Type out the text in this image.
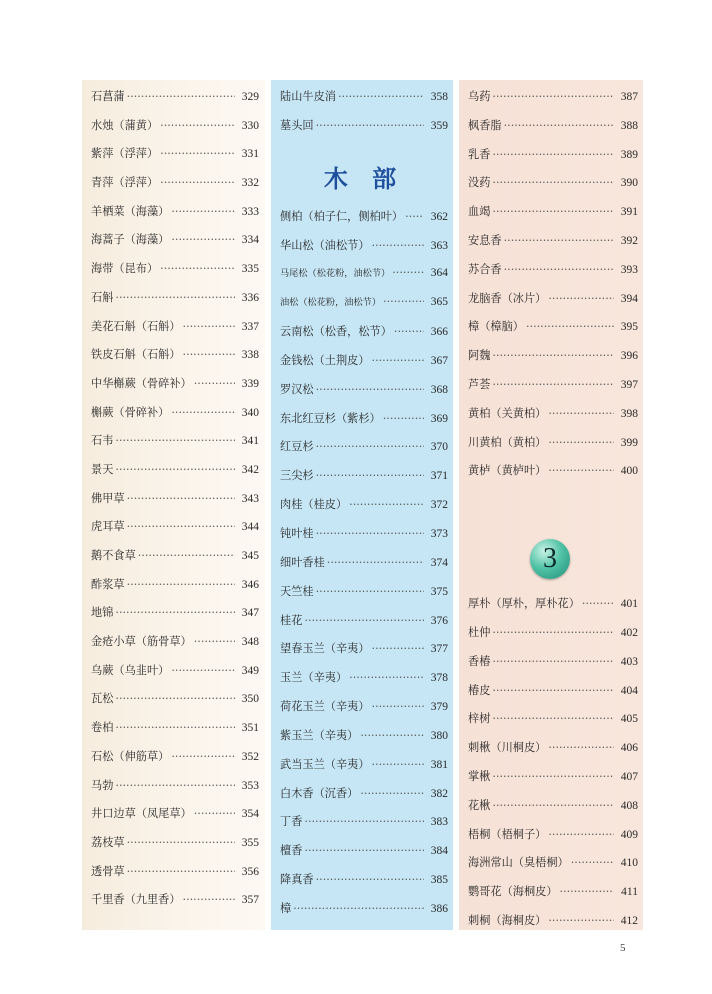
石菖蒲 ·····	329
水烛（蒲黄） ·····	330
紫萍（浮萍） ·····	331
青萍（浮萍） ·····	332
羊栖菜（海藻） ·····	333
海蒿子（海藻） ·····	334
海带（昆布） ·····	335
石斛 ·····	336
美花石斛（石斛） ·····	337
铁皮石斛（石斛） ·····	338
中华槲蕨（骨碎补） ·····	339
槲蕨（骨碎补） ·····	340
石韦 ·····	341
景天 ·····	342
佛甲草 ·····	343
虎耳草 ·····	344
鹅不食草 ·····	345
酢浆草 ·····	346
地锦 ·····	347
金疮小草（筋骨草） ·····	348
乌蕨（乌韭叶） ·····	349
瓦松 ·····	350
卷柏 ·····	351
石松（伸筋草） ·····	352
马勃 ·····	353
井口边草（凤尾草） ·····	354
荔枝草 ·····	355
透骨草 ·····	356
千里香（九里香） ·····	357
陆山牛皮消 ·····	358
墓头回 ·····	359
木 部
侧柏（柏子仁，侧柏叶） ·····	362
华山松（油松节） ·····	363
马尾松（松花粉，油松节） ·····	364
油松（松花粉，油松节） ·····	365
云南松（松香，松节） ·····	366
金钱松（土荆皮） ·····	367
罗汉松 ·····	368
东北红豆杉（紫杉） ·····	369
红豆杉 ·····	370
三尖杉 ·····	371
肉桂（桂皮） ·····	372
钝叶桂 ·····	373
细叶香桂 ·····	374
天竺桂 ·····	375
桂花 ·····	376
望春玉兰（辛夷） ·····	377
玉兰（辛夷） ·····	378
荷花玉兰（辛夷） ·····	379
紫玉兰（辛夷） ·····	380
武当玉兰（辛夷） ·····	381
白木香（沉香） ·····	382
丁香 ·····	383
檀香 ·····	384
降真香 ·····	385
樟 ·····	386
乌药 ·····	387
枫香脂 ·····	388
乳香 ·····	389
没药 ·····	390
血竭 ·····	391
安息香 ·····	392
苏合香 ·····	393
龙脑香（冰片） ·····	394
樟（樟脑） ·····	395
阿魏 ·····	396
芦荟 ·····	397
黄柏（关黄柏） ·····	398
川黄柏（黄柏） ·····	399
黄栌（黄栌叶） ·····	400
3
厚朴（厚朴，厚朴花） ·····	401
杜仲 ·····	402
香椿 ·····	403
椿皮 ·····	404
梓树 ·····	405
刺楸（川桐皮） ·····	406
掌楸 ·····	407
花楸 ·····	408
梧桐（梧桐子） ·····	409
海洲常山（臭梧桐） ·····	410
鹦哥花（海桐皮） ·····	411
刺桐（海桐皮） ·····	412
5
